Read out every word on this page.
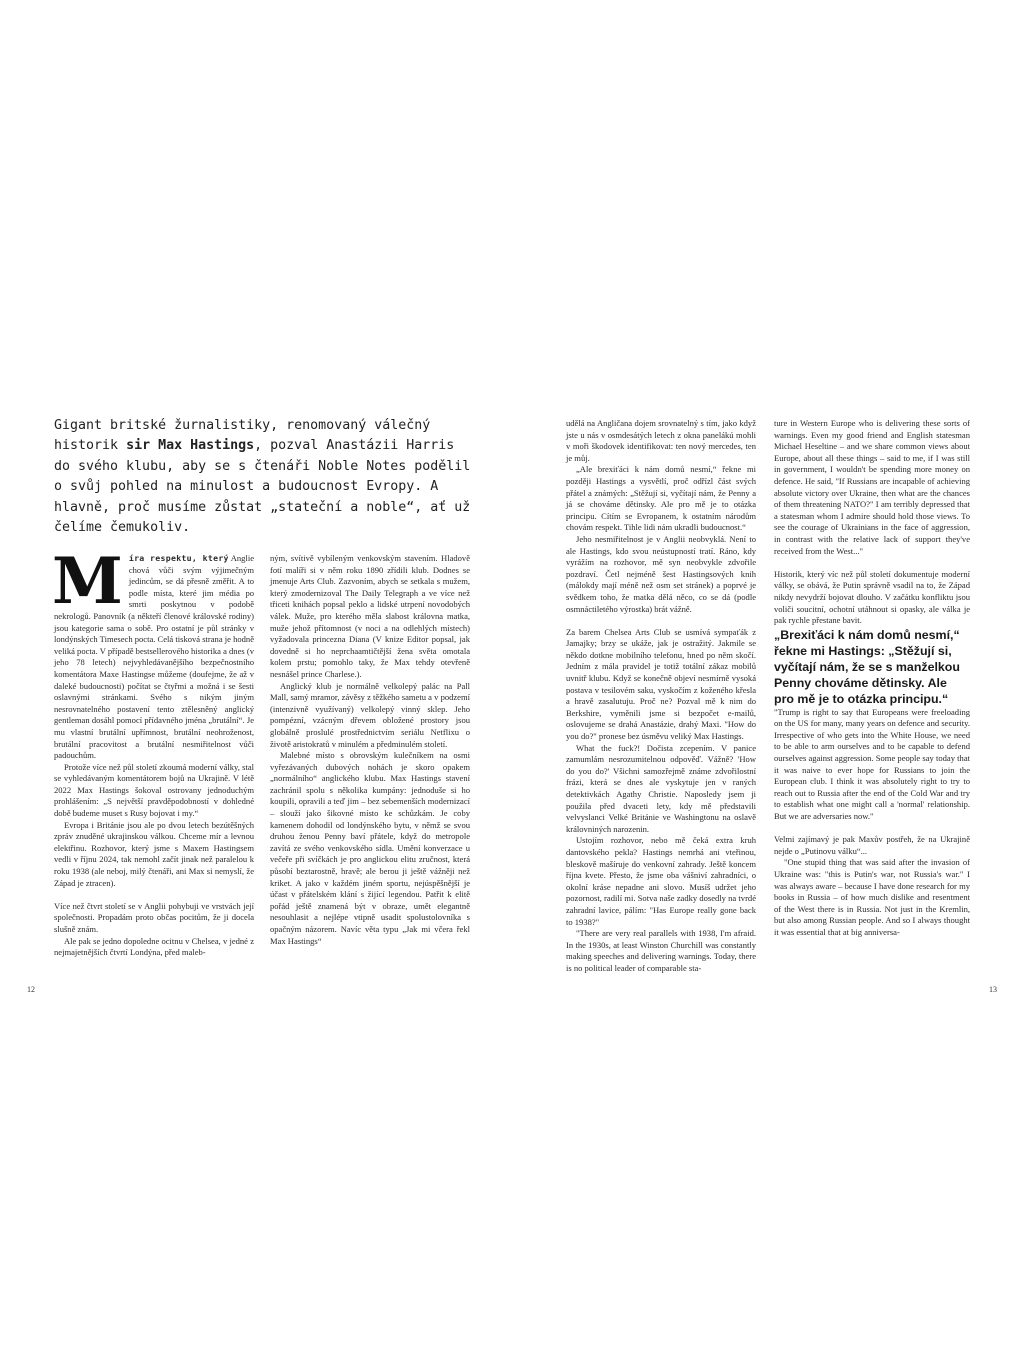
Gigant britské žurnalistiky, renomovaný válečný historik sir Max Hastings, pozval Anastázii Harris do svého klubu, aby se s čtenáři Noble Notes podělil o svůj pohled na minulost a budoucnost Evropy. A hlavně, proč musíme zůstat „stateční a noble“, ať už čelíme čemukoliv.

Míra respektu, který Anglie chová vůči svým výjimečným jedincům, se dá přesně změřit. A to podle místa, které jim média po smrti poskytnou v podobě nekrologů. Panovník (a někteří členové královské rodiny) jsou kategorie sama o sobě. Pro ostatní je půl stránky v londýnských Timesech pocta. Celá tisková strana je hodně veliká pocta. V případě bestsellerového historika a dnes (v jeho 78 letech) nejvyhledávanějšího bezpečnostního komentátora Maxe Hastingse můžeme (doufejme, že až v daleké budoucnosti) počítat se čtyřmi a možná i se šesti oslavnými stránkami. Svého s nikým jiným nesrovnatelného postavení tento ztělesněný anglický gentleman dosáhl pomocí přídavného jména „brutální“. Je mu vlastní brutální upřímnost, brutální neohroženost, brutální pracovitost a brutální nesmiřitelnost vůči padouchům.

Protože více než půl století zkoumá moderní války, stal se vyhledávaným komentátorem bojů na Ukrajině. V létě 2022 Max Hastings šokoval ostrovany jednoduchým prohlášením: „S největší pravděpodobností v dohledné době budeme muset s Rusy bojovat i my.“

Evropa i Británie jsou ale po dvou letech bezútěšných zpráv znuděné ukrajinskou válkou. Chceme mír a levnou elektřinu. Rozhovor, který jsme s Maxem Hastingsem vedli v říjnu 2024, tak nemohl začít jinak než paralelou k roku 1938 (ale neboj, milý čtenáři, ani Max si nemyslí, že Západ je ztracen).

Více než čtvrt století se v Anglii pohybuji ve vrstvách její společnosti. Propadám proto občas pocitům, že ji docela slušně znám.

Ale pak se jedno dopoledne ocitnu v Chelsea, v jedné z nejmajetnějších čtvrtí Londýna, před maleb-

ným, svítivě vybíleným venkovským stavením. Hladově fotí malíři si v něm roku 1890 zřídili klub. Dodnes se jmenuje Arts Club. Zazvoním, abych se setkala s mužem, který zmodernizoval The Daily Telegraph a ve více než třiceti knihách popsal peklo a lidské utrpení novodobých válek. Muže, pro kterého měla slabost královna matka, muže jehož přítomnost (v noci a na odlehlých místech) vyžadovala princezna Diana (V knize Editor popsal, jak dovedně si ho neprchaamtičtější žena světa omotala kolem prstu; pomohlo taky, že Max tehdy otevřeně nesnášel prince Charlese.).

Anglický klub je normálně velkolepý palác na Pall Mall, samý mramor, závěsy z těžkého sametu a v podzemí (intenzivně využívaný) velkolepý vinný sklep. Jeho pompézní, vzácným dřevem obložené prostory jsou globálně proslulé prostřednictvím seriálu Netflixu o životě aristokratů v minulém a předminulém století.

Malebné místo s obrovským kulečníkem na osmi vyřezávaných dubových nohách je skoro opakem „normálního“ anglického klubu. Max Hastings stavení zachránil spolu s několika kumpány: jednoduše si ho koupili, opravili a teď jim – bez sebemenších modernizací – slouží jako šikovné místo ke schůzkám. Je coby kamenem dohodil od londýnského bytu, v němž se svou druhou ženou Penny baví přátele, když do metropole zavítá ze svého venkovského sídla. Umění konverzace u večeře při svíčkách je pro anglickou elitu zručnost, která působí beztarostně, hravě; ale berou ji ještě vážněji než kriket. A jako v každém jiném sportu, nejúspěšnější je účast v přátelském klání s žijící legendou. Patřit k elitě pořád ještě znamená být v obraze, umět elegantně nesouhlasit a nejlépe vtipně usadit spolustolovníka s opačným názorem. Navíc věta typu „Jak mi včera řekl Max Hastings“

12

udělá na Angličana dojem srovnatelný s tím, jako když jste u nás v osmdesátých letech z okna panelákú mohli v moři škodovek identifikovat: ten nový mercedes, ten je můj.

„Ale brexiťáci k nám domů nesmí,“ řekne mi později Hastings a vysvětlí, proč odřízl část svých přátel a známých: „Stěžují si, vyčítají nám, že Penny a já se chováme dětinsky. Ale pro mě je to otázka principu. Cítím se Evropanem, k ostatním národům chovám respekt. Tihle lidi nám ukradli budoucnost.“

Jeho nesmiřitelnost je v Anglii neobvyklá. Není to ale Hastings, kdo svou neústupností tratí. Ráno, kdy vyrážím na rozhovor, mě syn neobvykle zdvořile pozdraví. Četl nejméně šest Hastingsových knih (málokdy mají méně než osm set stránek) a poprvé je svědkem toho, že matka dělá něco, co se dá (podle osmnáctiletého výrostka) brát vážně.

Za barem Chelsea Arts Club se usmívá sympaťák z Jamajky; brzy se ukáže, jak je ostražitý. Jakmile se někdo dotkne mobilního telefonu, hned po něm skočí. Jedním z mála pravidel je totiž totální zákaz mobilů uvnitř klubu. Když se konečně objeví nesmírně vysoká postava v tesilovém saku, vyskočím z koženého křesla a hravě zasalutuju. Proč ne? Pozval mě k nim do Berkshire, vyměnili jsme si bezpočet e-mailů, oslovujeme se drahá Anastázie, drahý Maxi. "How do you do?" pronese bez úsměvu veliký Max Hastings.

What the fuck?! Dočista zcepením. V panice zamumlám nesrozumitelnou odpověď. Vážně? 'How do you do?' Všichni samozřejmě známe zdvořilostní frázi, která se dnes ale vyskytuje jen v raných detektivkách Agathy Christie. Naposledy jsem ji použila před dvaceti lety, kdy mě představili velvyslanci Velké Británie ve Washingtonu na oslavě královniných narozenin.

Ustojím rozhovor, nebo mě čeká extra kruh dantovského pekla? Hastings nemrhá ani vteřinou, bleskově mašíruje do venkovní zahrady. Ještě koncem října kvete. Přesto, že jsme oba vášniví zahradníci, o okolní krásе nepadne ani slovo. Musíš udržet jeho pozornost, radilí mi. Sotva naše zadky dosedly na tvrdé zahradní lavice, pálím: "Has Europe really gone back to 1938?"

"There are very real parallels with 1938, I'm afraid. In the 1930s, at least Winston Churchill was constantly making speeches and delivering warnings. Today, there is no political leader of comparable sta-

ture in Western Europe who is delivering these sorts of warnings. Even my good friend and English statesman Michael Heseltine – and we share common views about Europe, about all these things – said to me, if I was still in government, I wouldn't be spending more money on defence. He said, "If Russians are incapable of achieving absolute victory over Ukraine, then what are the chances of them threatening NATO?" I am terribly depressed that a statesman whom I admire should hold those views. To see the courage of Ukrainians in the face of aggression, in contrast with the relative lack of support they've received from the West..."

Historik, který víc než půl století dokumentuje moderní války, se obává, že Putin správně vsadil na to, že Západ nikdy nevydrží bojovat dlouho. V začátku konfliktu jsou voliči soucitní, ochotní utáhnout si opasky, ale válka je pak rychle přestane bavit.

„Brexiťáci k nám domů nesmí,“ řekne mi Hastings: „Stěžují si, vyčítají nám, že se s manželkou Penny chováme dětinsky. Ale pro mě je to otázka principu.“

"Trump is right to say that Europeans were freeloading on the US for many, many years on defence and security. Irrespective of who gets into the White House, we need to be able to arm ourselves and to be capable to defend ourselves against aggression. Some people say today that it was naive to ever hope for Russians to join the European club. I think it was absolutely right to try to reach out to Russia after the end of the Cold War and try to establish what one might call a 'normal' relationship. But we are adversaries now."

Velmi zajímavý je pak Maxův postřeh, že na Ukrajině nejde o „Putinovu válku“...

"One stupid thing that was said after the invasion of Ukraine was: "this is Putin's war, not Russia's war." I was always aware – because I have done research for my books in Russia – of how much dislike and resentment of the West there is in Russia. Not just in the Kremlin, but also among Russian people. And so I always thought it was essential that at big anniversa-

13
